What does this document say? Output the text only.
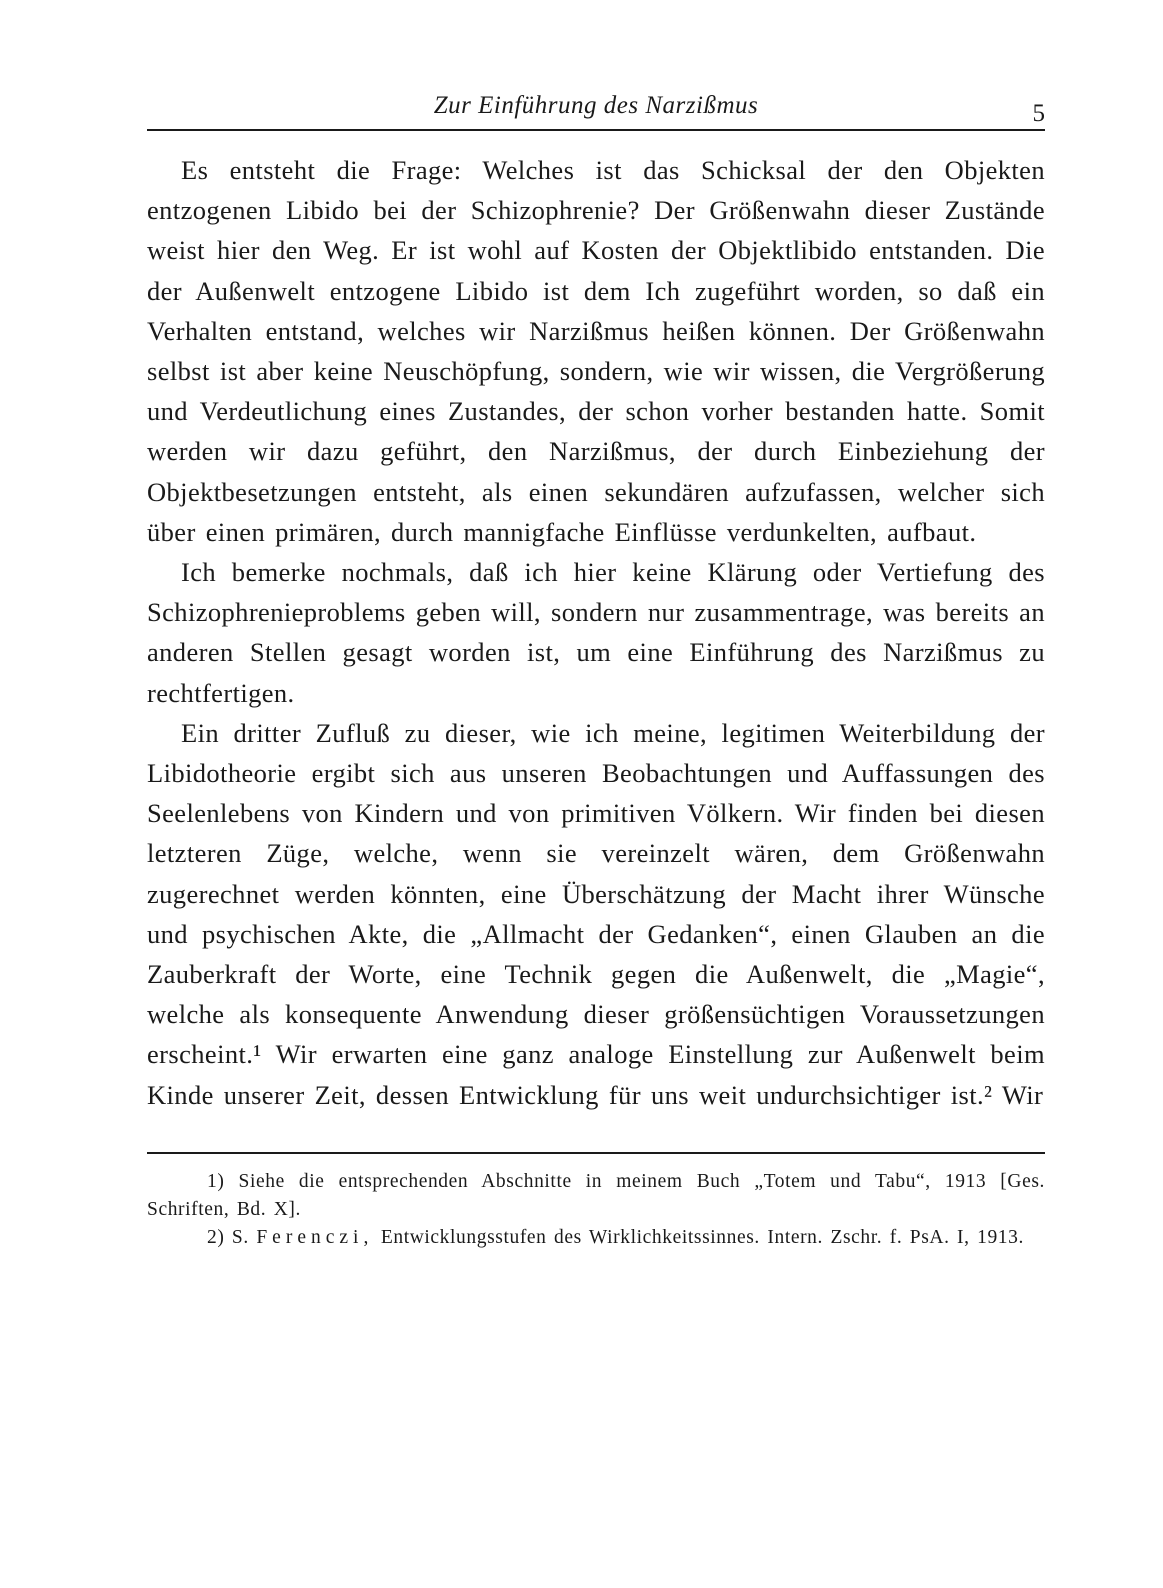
Zur Einführung des Narzißmus	5

Es entsteht die Frage: Welches ist das Schicksal der den Objekten entzogenen Libido bei der Schizophrenie? Der Größenwahn dieser Zustände weist hier den Weg. Er ist wohl auf Kosten der Objektlibido entstanden. Die der Außenwelt entzogene Libido ist dem Ich zugeführt worden, so daß ein Verhalten entstand, welches wir Narzißmus heißen können. Der Größenwahn selbst ist aber keine Neuschöpfung, sondern, wie wir wissen, die Vergrößerung und Verdeutlichung eines Zustandes, der schon vorher bestanden hatte. Somit werden wir dazu geführt, den Narzißmus, der durch Einbeziehung der Objektbesetzungen entsteht, als einen sekundären aufzufassen, welcher sich über einen primären, durch mannigfache Einflüsse verdunkelten, aufbaut.

Ich bemerke nochmals, daß ich hier keine Klärung oder Vertiefung des Schizophrenieproblems geben will, sondern nur zusammentrage, was bereits an anderen Stellen gesagt worden ist, um eine Einführung des Narzißmus zu rechtfertigen.

Ein dritter Zufluß zu dieser, wie ich meine, legitimen Weiterbildung der Libidotheorie ergibt sich aus unseren Beobachtungen und Auffassungen des Seelenlebens von Kindern und von primitiven Völkern. Wir finden bei diesen letzteren Züge, welche, wenn sie vereinzelt wären, dem Größenwahn zugerechnet werden könnten, eine Überschätzung der Macht ihrer Wünsche und psychischen Akte, die „Allmacht der Gedanken“, einen Glauben an die Zauberkraft der Worte, eine Technik gegen die Außenwelt, die „Magie“, welche als konsequente Anwendung dieser größensüchtigen Voraussetzungen erscheint.¹ Wir erwarten eine ganz analoge Einstellung zur Außenwelt beim Kinde unserer Zeit, dessen Entwicklung für uns weit undurchsichtiger ist.² Wir

1) Siehe die entsprechenden Abschnitte in meinem Buch „Totem und Tabu“, 1913 [Ges. Schriften, Bd. X].

2) S. Ferenczi, Entwicklungsstufen des Wirklichkeitssinnes. Intern. Zschr. f. PsA. I, 1913.
